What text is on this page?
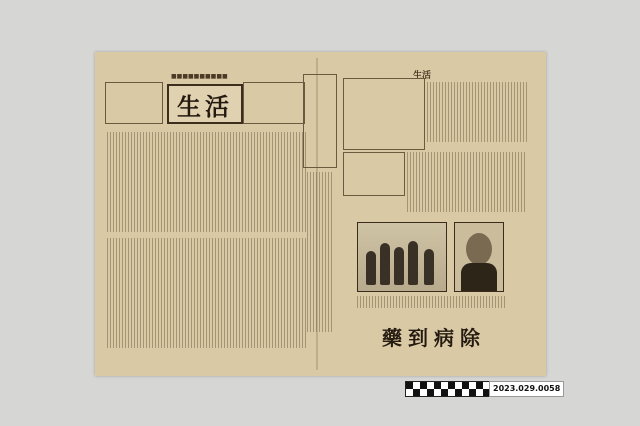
生活
■■■■■■■■■■	生活
藥到病除
2023.029.0058
